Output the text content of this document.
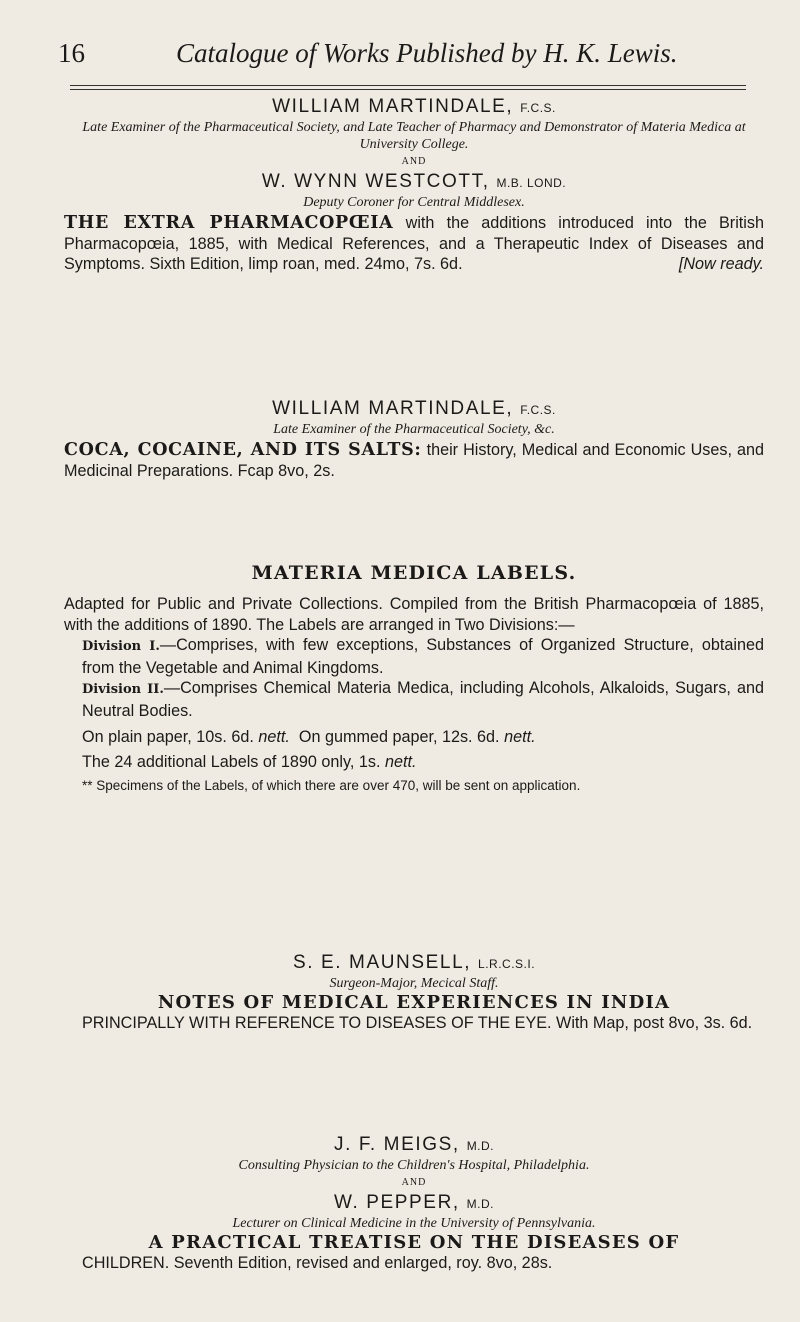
16	Catalogue of Works Published by H. K. Lewis.
WILLIAM MARTINDALE, F.C.S.
Late Examiner of the Pharmaceutical Society, and Late Teacher of Pharmacy and Demonstrator of Materia Medica at University College.
AND
W. WYNN WESTCOTT, M.B. LOND.
Deputy Coroner for Central Middlesex.

THE EXTRA PHARMACOPŒIA with the additions introduced into the British Pharmacopœia, 1885, with Medical References, and a Therapeutic Index of Diseases and Symptoms. Sixth Edition, limp roan, med. 24mo, 7s. 6d.	[Now ready.

WILLIAM MARTINDALE, F.C.S.
Late Examiner of the Pharmaceutical Society, &c.

COCA, COCAINE, AND ITS SALTS: their History, Medical and Economic Uses, and Medicinal Preparations. Fcap 8vo, 2s.

MATERIA MEDICA LABELS.

Adapted for Public and Private Collections. Compiled from the British Pharmacopœia of 1885, with the additions of 1890. The Labels are arranged in Two Divisions:—

Division I.—Comprises, with few exceptions, Substances of Organized Structure, obtained from the Vegetable and Animal Kingdoms.

Division II.—Comprises Chemical Materia Medica, including Alcohols, Alkaloids, Sugars, and Neutral Bodies.

On plain paper, 10s. 6d. nett. On gummed paper, 12s. 6d. nett.

The 24 additional Labels of 1890 only, 1s. nett.

*⁠* Specimens of the Labels, of which there are over 470, will be sent on application.

S. E. MAUNSELL, L.R.C.S.I.
Surgeon-Major, Mecical Staff.
NOTES OF MEDICAL EXPERIENCES IN INDIA

PRINCIPALLY WITH REFERENCE TO DISEASES OF THE EYE. With Map, post 8vo, 3s. 6d.

J. F. MEIGS, M.D.
Consulting Physician to the Children's Hospital, Philadelphia.
AND
W. PEPPER, M.D.
Lecturer on Clinical Medicine in the University of Pennsylvania.
A PRACTICAL TREATISE ON THE DISEASES OF

CHILDREN. Seventh Edition, revised and enlarged, roy. 8vo, 28s.
